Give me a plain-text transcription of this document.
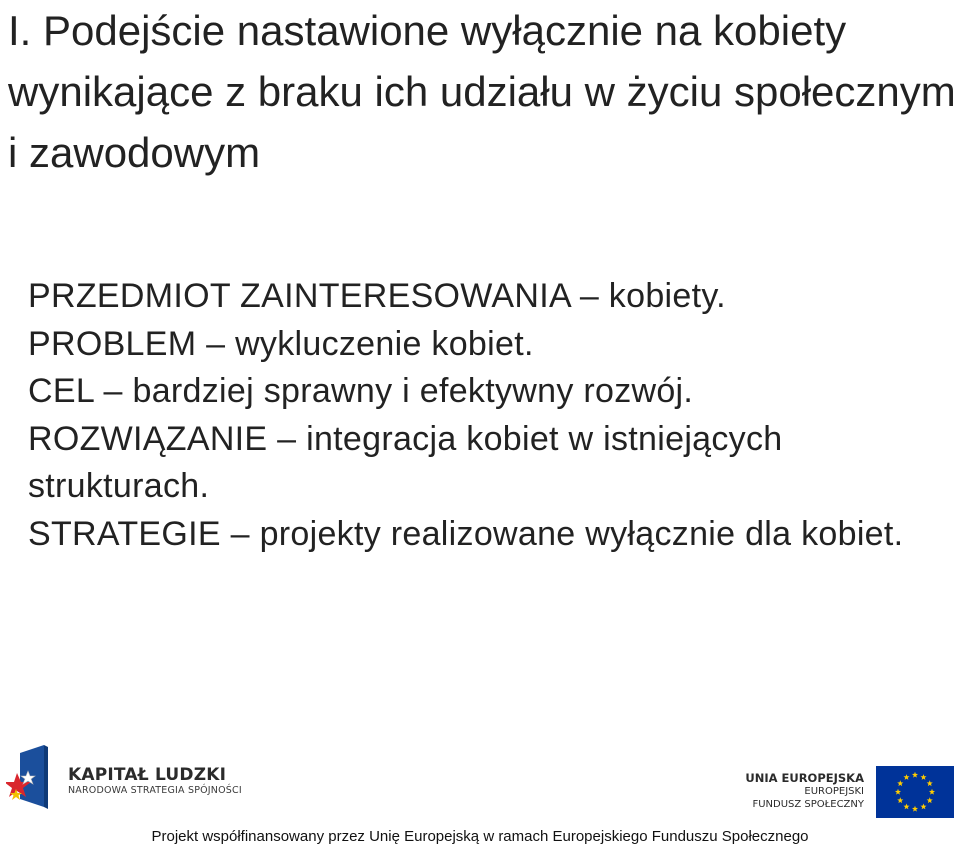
I. Podejście nastawione wyłącznie na kobiety wynikające z braku ich udziału w życiu społecznym i zawodowym

PRZEDMIOT ZAINTERESOWANIA – kobiety.

PROBLEM – wykluczenie kobiet.

CEL – bardziej sprawny i efektywny rozwój.

ROZWIĄZANIE – integracja kobiet w istniejących strukturach.

STRATEGIE – projekty realizowane wyłącznie dla kobiet.

KAPITAŁ LUDZKI
NARODOWA STRATEGIA SPÓJNOŚCI
UNIA EUROPEJSKA
EUROPEJSKI
FUNDUSZ SPOŁECZNY
Projekt współfinansowany przez Unię Europejską w ramach Europejskiego Funduszu Społecznego
